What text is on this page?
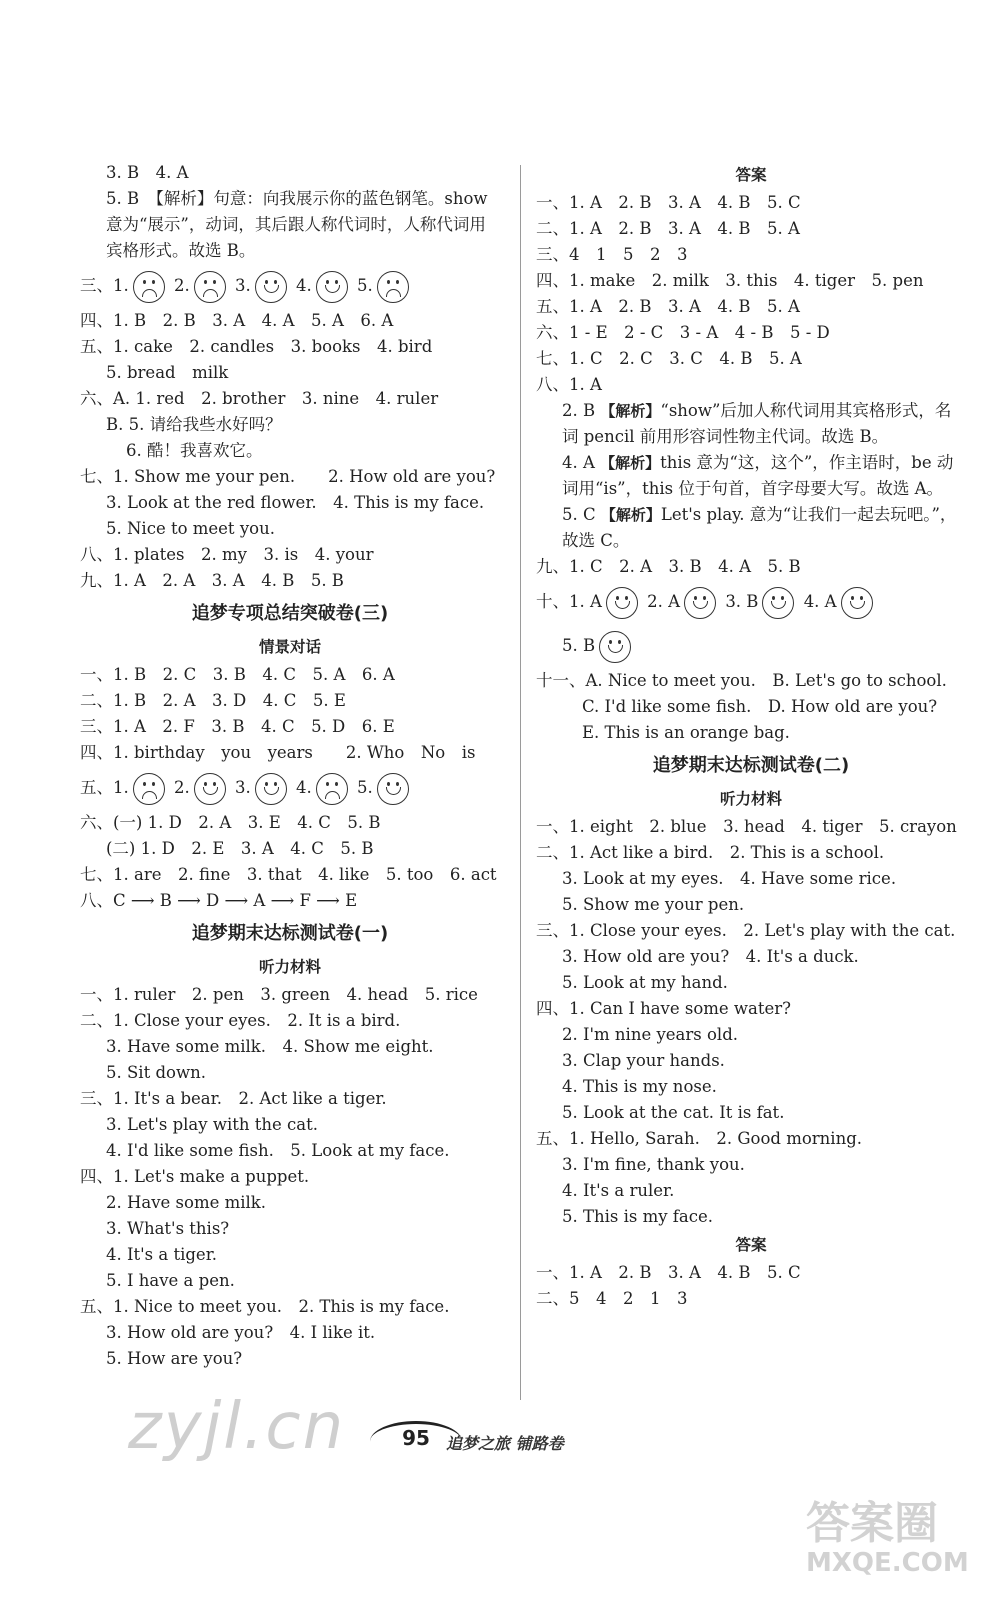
3. B　4. A
5. B　【解析】句意：向我展示你的蓝色钢笔。show 意为“展示”，动词，其后跟人称代词时，人称代词用宾格形式。故选 B。
三、1.	2.	3.	4.	5.
四、1. B　2. B　3. A　4. A　5. A　6. A
五、1. cake　2. candles　3. books　4. bird
5. bread　milk
六、A. 1. red　2. brother　3. nine　4. ruler
B. 5. 请给我些水好吗？
6. 酷！我喜欢它。
七、1. Show me your pen.　　2. How old are you?
3. Look at the red flower.　4. This is my face.
5. Nice to meet you.
八、1. plates　2. my　3. is　4. your
九、1. A　2. A　3. A　4. B　5. B
追梦专项总结突破卷(三)
情景对话
一、1. B　2. C　3. B　4. C　5. A　6. A
二、1. B　2. A　3. D　4. C　5. E
三、1. A　2. F　3. B　4. C　5. D　6. E
四、1. birthday　you　years　　2. Who　No　is
五、1.	2.	3.	4.	5.
六、(一) 1. D　2. A　3. E　4. C　5. B
(二) 1. D　2. E　3. A　4. C　5. B
七、1. are　2. fine　3. that　4. like　5. too　6. act
八、C ⟶ B ⟶ D ⟶ A ⟶ F ⟶ E
追梦期末达标测试卷(一)
听力材料
一、1. ruler　2. pen　3. green　4. head　5. rice
二、1. Close your eyes.　2. It is a bird.
3. Have some milk.　4. Show me eight.
5. Sit down.
三、1. It's a bear.　2. Act like a tiger.
3. Let's play with the cat.
4. I'd like some fish.　5. Look at my face.
四、1. Let's make a puppet.
2. Have some milk.
3. What's this?
4. It's a tiger.
5. I have a pen.
五、1. Nice to meet you.　2. This is my face.
3. How old are you?　4. I like it.
5. How are you?
答案
一、1. A　2. B　3. A　4. B　5. C
二、1. A　2. B　3. A　4. B　5. A
三、4　1　5　2　3
四、1. make　2. milk　3. this　4. tiger　5. pen
五、1. A　2. B　3. A　4. B　5. A
六、1 - E　2 - C　3 - A　4 - B　5 - D
七、1. C　2. C　3. C　4. B　5. A
八、1. A
2. B 【解析】“show”后加人称代词用其宾格形式，名词 pencil 前用形容词性物主代词。故选 B。
4. A 【解析】this 意为“这，这个”，作主语时，be 动词用“is”，this 位于句首，首字母要大写。故选 A。
5. C 【解析】Let's play. 意为“让我们一起去玩吧。”，故选 C。
九、1. C　2. A　3. B　4. A　5. B
十、1. A	2. A	3. B	4. A
5. B
十一、A. Nice to meet you.　B. Let's go to school.
C. I'd like some fish.　D. How old are you?
E. This is an orange bag.
追梦期末达标测试卷(二)
听力材料
一、1. eight　2. blue　3. head　4. tiger　5. crayon
二、1. Act like a bird.　2. This is a school.
3. Look at my eyes.　4. Have some rice.
5. Show me your pen.
三、1. Close your eyes.　2. Let's play with the cat.
3. How old are you?　4. It's a duck.
5. Look at my hand.
四、1. Can I have some water?
2. I'm nine years old.
3. Clap your hands.
4. This is my nose.
5. Look at the cat. It is fat.
五、1. Hello, Sarah.　2. Good morning.
3. I'm fine, thank you.
4. It's a ruler.
5. This is my face.
答案
一、1. A　2. B　3. A　4. B　5. C
二、5　4　2　1　3
zyjl.cn	95	追梦之旅 铺路卷
答案圈
MXQE.COM
